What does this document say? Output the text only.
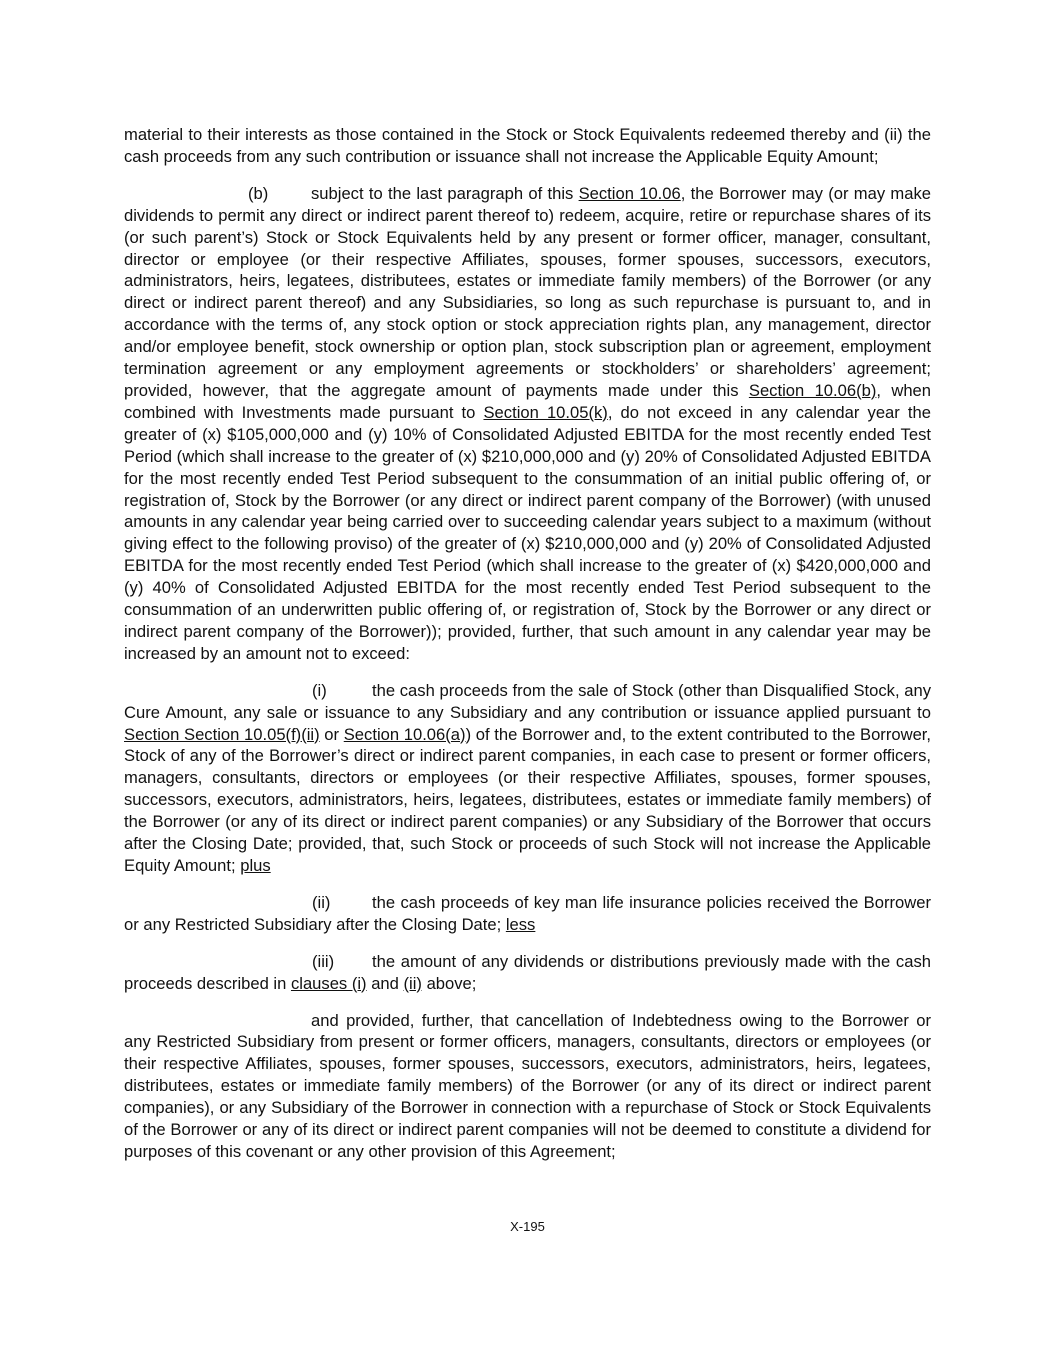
material to their interests as those contained in the Stock or Stock Equivalents redeemed thereby and (ii) the cash proceeds from any such contribution or issuance shall not increase the Applicable Equity Amount;

(b)	subject to the last paragraph of this Section 10.06, the Borrower may (or may make dividends to permit any direct or indirect parent thereof to) redeem, acquire, retire or repurchase shares of its (or such parent’s) Stock or Stock Equivalents held by any present or former officer, manager, consultant, director or employee (or their respective Affiliates, spouses, former spouses, successors, executors, administrators, heirs, legatees, distributees, estates or immediate family members) of the Borrower (or any direct or indirect parent thereof) and any Subsidiaries, so long as such repurchase is pursuant to, and in accordance with the terms of, any stock option or stock appreciation rights plan, any management, director and/or employee benefit, stock ownership or option plan, stock subscription plan or agreement, employment termination agreement or any employment agreements or stockholders’ or shareholders’ agreement; provided, however, that the aggregate amount of payments made under this Section 10.06(b), when combined with Investments made pursuant to Section 10.05(k), do not exceed in any calendar year the greater of (x) $105,000,000 and (y) 10% of Consolidated Adjusted EBITDA for the most recently ended Test Period (which shall increase to the greater of (x) $210,000,000 and (y) 20% of Consolidated Adjusted EBITDA for the most recently ended Test Period subsequent to the consummation of an initial public offering of, or registration of, Stock by the Borrower (or any direct or indirect parent company of the Borrower) (with unused amounts in any calendar year being carried over to succeeding calendar years subject to a maximum (without giving effect to the following proviso) of the greater of (x) $210,000,000 and (y) 20% of Consolidated Adjusted EBITDA for the most recently ended Test Period (which shall increase to the greater of (x) $420,000,000 and (y) 40% of Consolidated Adjusted EBITDA for the most recently ended Test Period subsequent to the consummation of an underwritten public offering of, or registration of, Stock by the Borrower or any direct or indirect parent company of the Borrower)); provided, further, that such amount in any calendar year may be increased by an amount not to exceed:

(i)	the cash proceeds from the sale of Stock (other than Disqualified Stock, any Cure Amount, any sale or issuance to any Subsidiary and any contribution or issuance applied pursuant to Section Section 10.05(f)(ii) or Section 10.06(a)) of the Borrower and, to the extent contributed to the Borrower, Stock of any of the Borrower’s direct or indirect parent companies, in each case to present or former officers, managers, consultants, directors or employees (or their respective Affiliates, spouses, former spouses, successors, executors, administrators, heirs, legatees, distributees, estates or immediate family members) of the Borrower (or any of its direct or indirect parent companies) or any Subsidiary of the Borrower that occurs after the Closing Date; provided, that, such Stock or proceeds of such Stock will not increase the Applicable Equity Amount; plus

(ii)	the cash proceeds of key man life insurance policies received the Borrower or any Restricted Subsidiary after the Closing Date; less

(iii) the amount of any dividends or distributions previously made with the cash proceeds described in clauses (i) and (ii) above;

and provided, further, that cancellation of Indebtedness owing to the Borrower or any Restricted Subsidiary from present or former officers, managers, consultants, directors or employees (or their respective Affiliates, spouses, former spouses, successors, executors, administrators, heirs, legatees, distributees, estates or immediate family members) of the Borrower (or any of its direct or indirect parent companies), or any Subsidiary of the Borrower in connection with a repurchase of Stock or Stock Equivalents of the Borrower or any of its direct or indirect parent companies will not be deemed to constitute a dividend for purposes of this covenant or any other provision of this Agreement;

X-195
